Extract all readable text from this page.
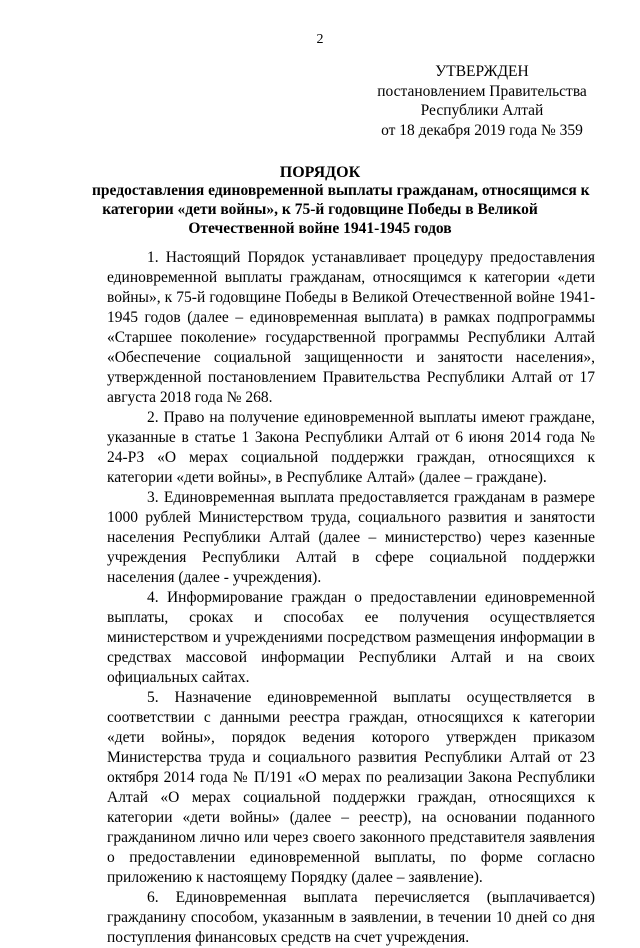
2
УТВЕРЖДЕН
постановлением Правительства
Республики Алтай
от 18 декабря 2019 года № 359
ПОРЯДОК
предоставления единовременной выплаты гражданам, относящимся к
категории «дети войны», к 75-й годовщине Победы в Великой
Отечественной войне 1941-1945 годов

1. Настоящий Порядок устанавливает процедуру предоставления единовременной выплаты гражданам, относящимся к категории «дети войны», к 75-й годовщине Победы в Великой Отечественной войне 1941-1945 годов (далее – единовременная выплата) в рамках подпрограммы «Старшее поколение» государственной программы Республики Алтай «Обеспечение социальной защищенности и занятости населения», утвержденной постановлением Правительства Республики Алтай от 17 августа 2018 года № 268.

2. Право на получение единовременной выплаты имеют граждане, указанные в статье 1 Закона Республики Алтай от 6 июня 2014 года № 24-РЗ «О мерах социальной поддержки граждан, относящихся к категории «дети войны», в Республике Алтай» (далее – граждане).

3. Единовременная выплата предоставляется гражданам в размере 1000 рублей Министерством труда, социального развития и занятости населения Республики Алтай (далее – министерство) через казенные учреждения Республики Алтай в сфере социальной поддержки населения (далее - учреждения).

4. Информирование граждан о предоставлении единовременной выплаты, сроках и способах ее получения осуществляется министерством и учреждениями посредством размещения информации в средствах массовой информации Республики Алтай и на своих официальных сайтах.

5. Назначение единовременной выплаты осуществляется в соответствии с данными реестра граждан, относящихся к категории «дети войны», порядок ведения которого утвержден приказом Министерства труда и социального развития Республики Алтай от 23 октября 2014 года № П/191 «О мерах по реализации Закона Республики Алтай «О мерах социальной поддержки граждан, относящихся к категории «дети войны» (далее – реестр), на основании поданного гражданином лично или через своего законного представителя заявления о предоставлении единовременной выплаты, по форме согласно приложению к настоящему Порядку (далее – заявление).

6. Единовременная выплата перечисляется (выплачивается) гражданину способом, указанным в заявлении, в течении 10 дней со дня поступления финансовых средств на счет учреждения.
